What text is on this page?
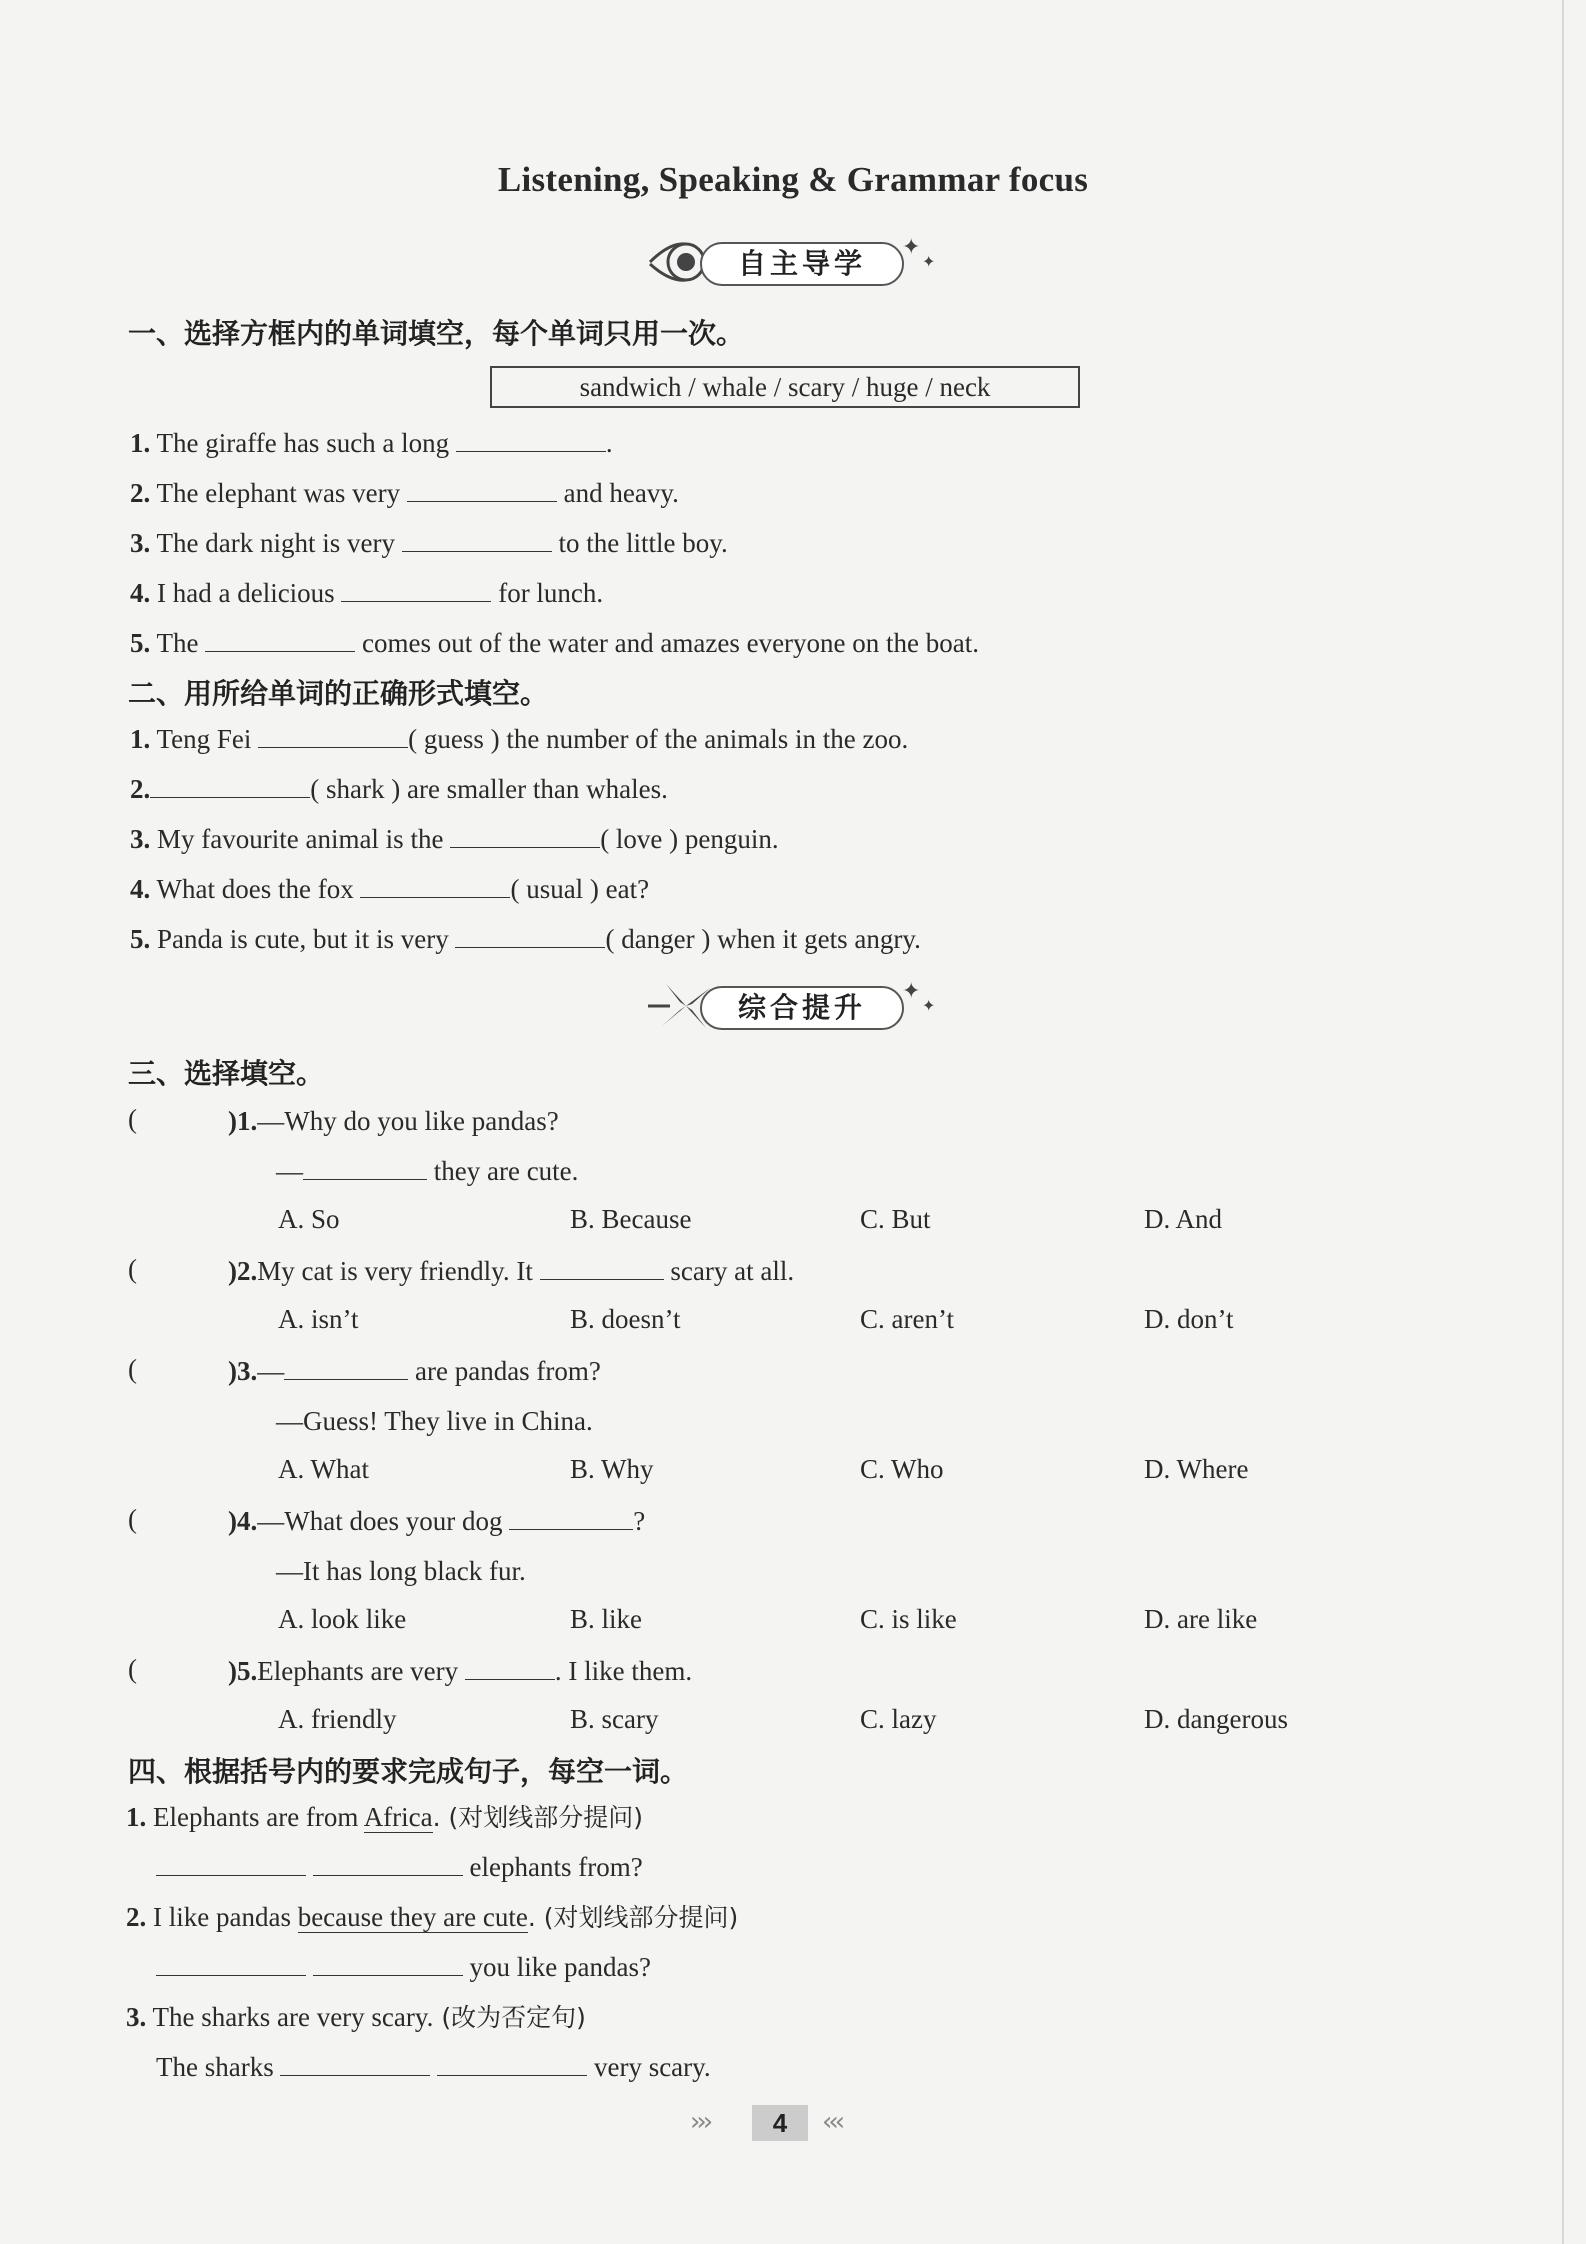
Listening, Speaking & Grammar focus
自主导学
✦
✦
一、选择方框内的单词填空，每个单词只用一次。
sandwich / whale / scary / huge / neck
1. The giraffe has such a long	.
2. The elephant was very	and heavy.
3. The dark night is very	to the little boy.
4. I had a delicious	for lunch.
5. The	comes out of the water and amazes everyone on the boat.
二、用所给单词的正确形式填空。
1. Teng Fei	( guess ) the number of the animals in the zoo.
2.	( shark ) are smaller than whales.
3. My favourite animal is the	( love ) penguin.
4. What does the fox	( usual ) eat?
5. Panda is cute, but it is very	( danger ) when it gets angry.
综合提升
✦
✦
三、选择填空。
(	)1.—Why do you like pandas?
—	they are cute.
A. So	B. Because	C. But	D. And
(	)2.My cat is very friendly. It	scary at all.
A. isn’t	B. doesn’t	C. aren’t	D. don’t
(	)3.—	are pandas from?
—Guess! They live in China.
A. What	B. Why	C. Who	D. Where
(	)4.—What does your dog	?
—It has long black fur.
A. look like	B. like	C. is like	D. are like
(	)5.Elephants are very	. I like them.
A. friendly	B. scary	C. lazy	D. dangerous
四、根据括号内的要求完成句子，每空一词。
1. Elephants are from Africa. (对划线部分提问)
elephants from?
2. I like pandas because they are cute. (对划线部分提问)
you like pandas?
3. The sharks are very scary. (改为否定句)
The sharks	very scary.
›››	4	‹‹‹
